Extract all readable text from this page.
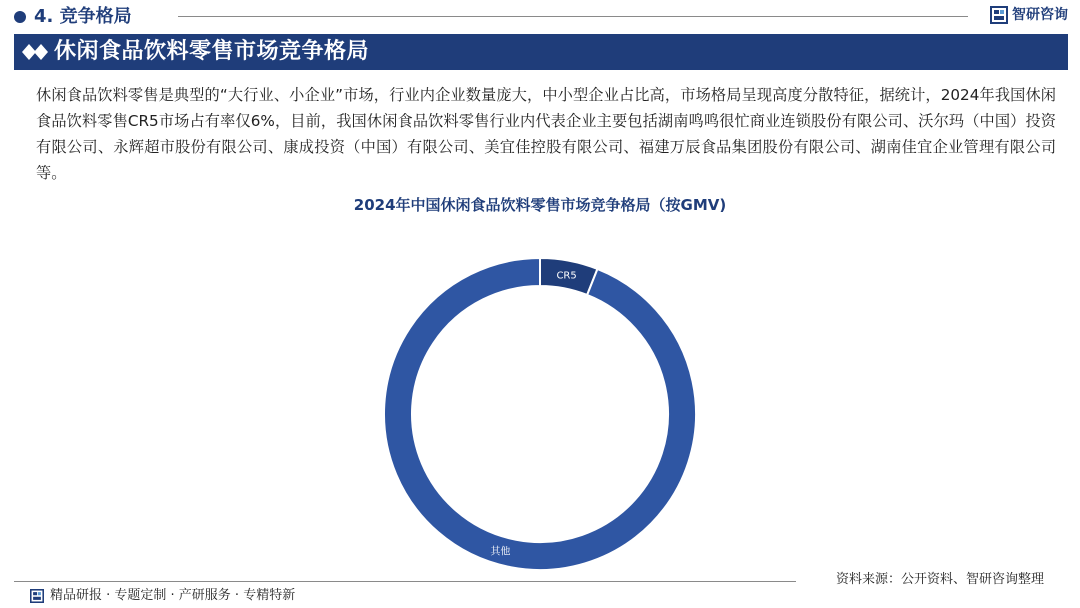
4. 竞争格局	智研咨询
休闲食品饮料零售市场竞争格局
休闲食品饮料零售是典型的“大行业、小企业”市场，行业内企业数量庞大，中小型企业占比高，市场格局呈现高度分散特征，据统计，2024年我国休闲食品饮料零售CR5市场占有率仅6%，目前，我国休闲食品饮料零售行业内代表企业主要包括湖南鸣鸣很忙商业连锁股份有限公司、沃尔玛（中国）投资有限公司、永辉超市股份有限公司、康成投资（中国）有限公司、美宜佳控股有限公司、福建万辰食品集团股份有限公司、湖南佳宜企业管理有限公司等。
2024年中国休闲食品饮料零售市场竞争格局（按GMV)
CR5
其他
资料来源：公开资料、智研咨询整理
精品研报 · 专题定制 · 产研服务 · 专精特新
